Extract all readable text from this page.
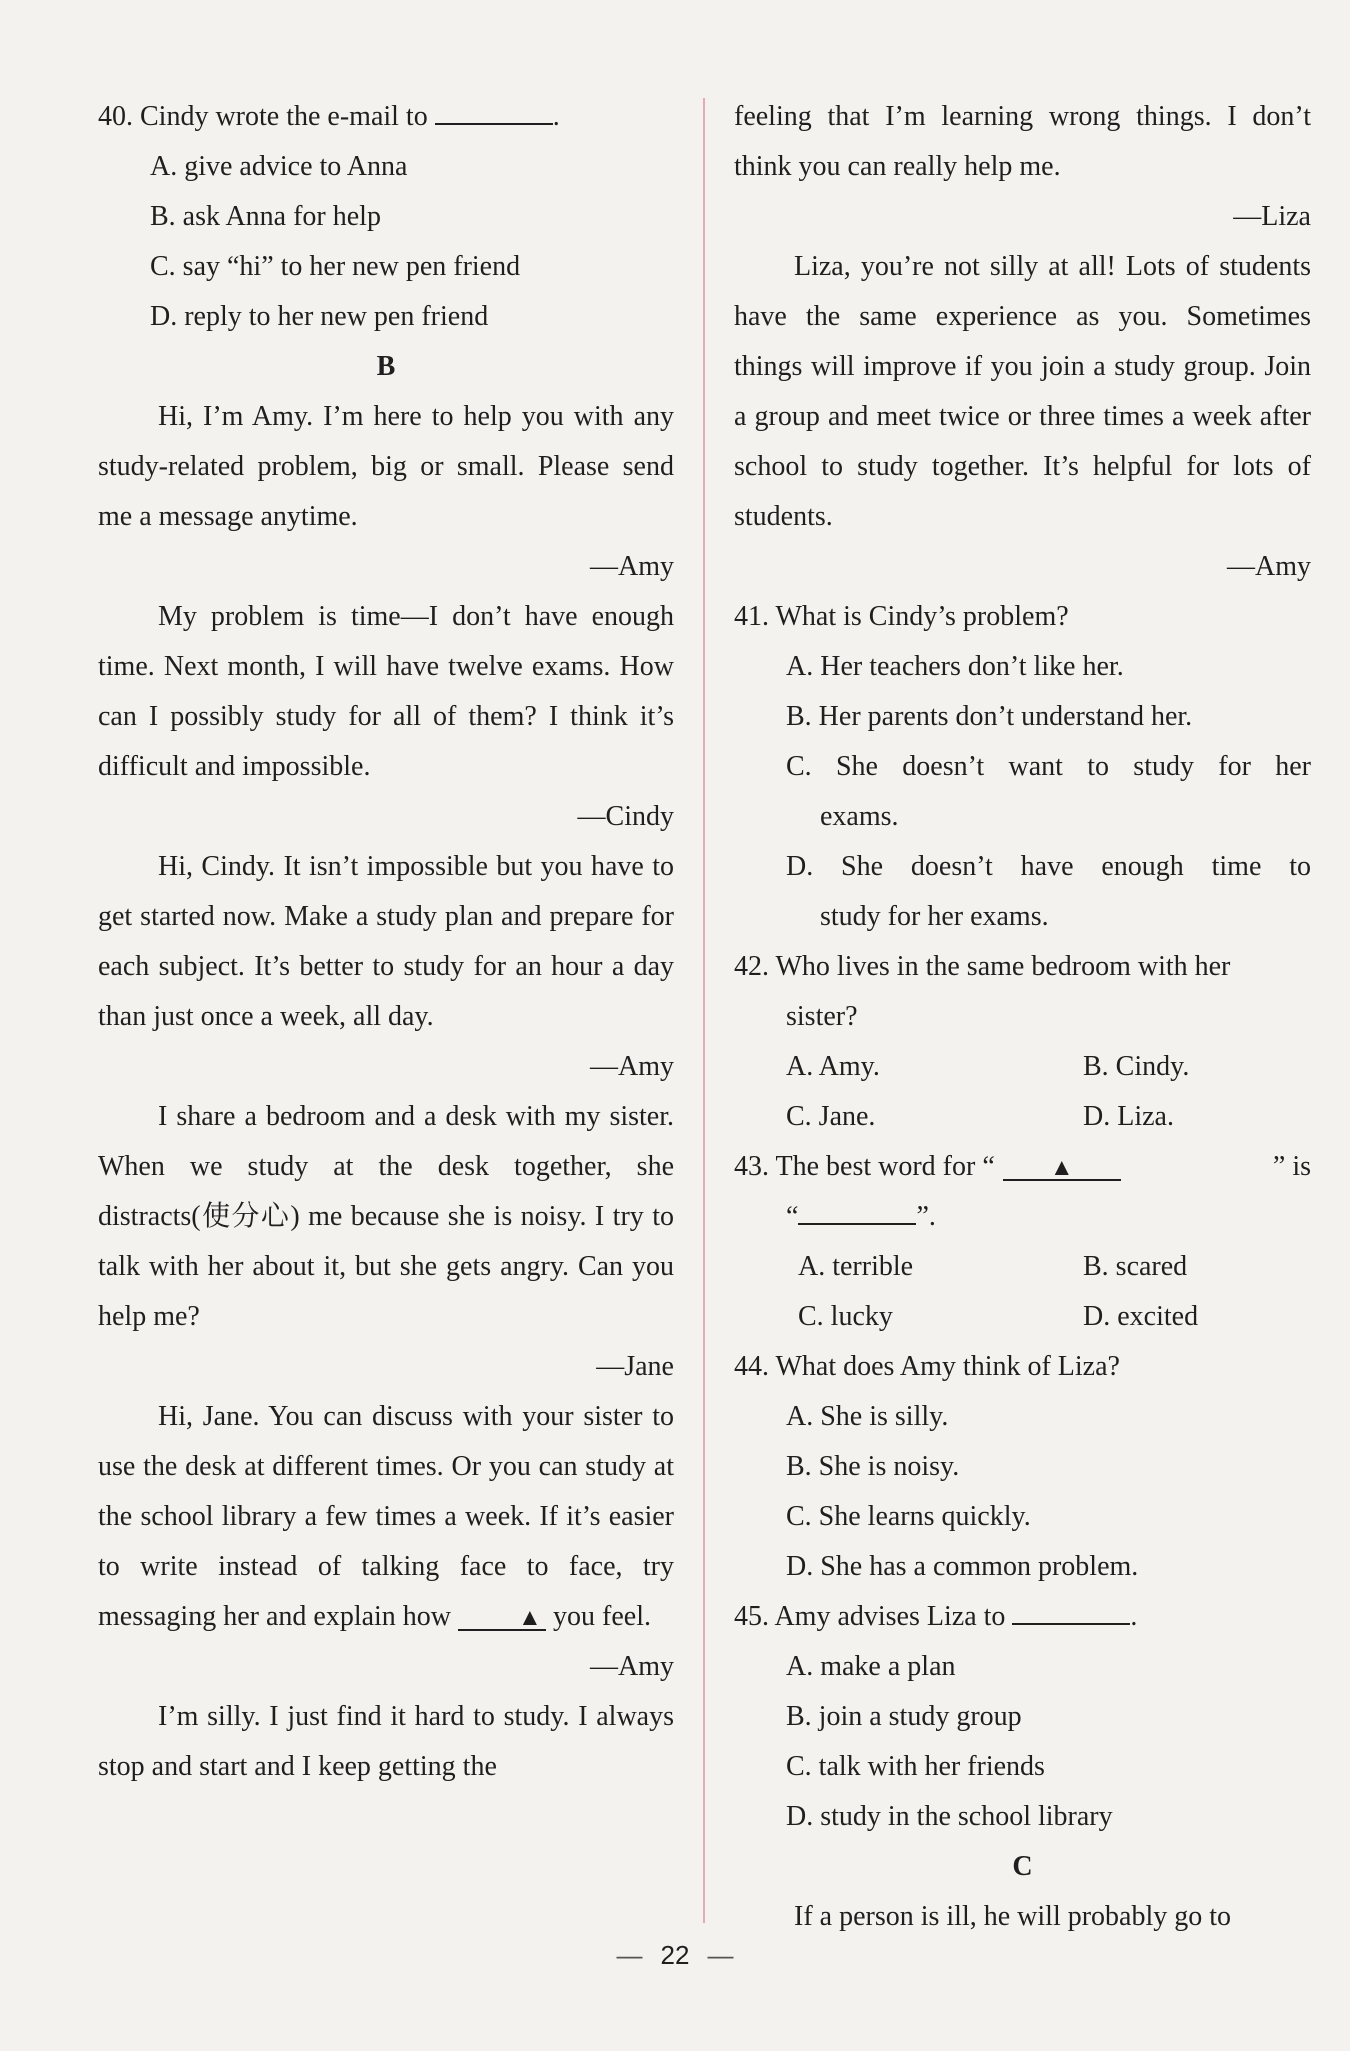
40. Cindy wrote the e-mail to	.

A. give advice to Anna

B. ask Anna for help

C. say “hi” to her new pen friend

D. reply to her new pen friend

B

Hi, I’m Amy. I’m here to help you with any study-related problem, big or small. Please send me a message anytime.

—Amy

My problem is time—I don’t have enough time. Next month, I will have twelve exams. How can I possibly study for all of them? I think it’s difficult and impossible.

—Cindy

Hi, Cindy. It isn’t impossible but you have to get started now. Make a study plan and prepare for each subject. It’s better to study for an hour a day than just once a week, all day.

—Amy

I share a bedroom and a desk with my sister. When we study at the desk together, she distracts(使分心) me because she is noisy. I try to talk with her about it, but she gets angry. Can you help me?

—Jane

Hi, Jane. You can discuss with your sister to use the desk at different times. Or you can study at the school library a few times a week. If it’s easier to write instead of talking face to face, try messaging her and explain how	▲ you feel.

—Amy

I’m silly. I just find it hard to study. I always stop and start and I keep getting the

feeling that I’m learning wrong things. I don’t think you can really help me.

—Liza

Liza, you’re not silly at all! Lots of students have the same experience as you. Sometimes things will improve if you join a study group. Join a group and meet twice or three times a week after school to study together. It’s helpful for lots of students.

—Amy

41. What is Cindy’s problem?

A. Her teachers don’t like her.

B. Her parents don’t understand her.

C. She doesn’t want to study for her

exams.

D. She doesn’t have enough time to

study for her exams.

42. Who lives in the same bedroom with her

sister?

A. Amy.	B. Cindy.
C. Jane.	D. Liza.

43. The best word for “ ▲	” is

“	”.

A. terrible	B. scared
C. lucky	D. excited

44. What does Amy think of Liza?

A. She is silly.

B. She is noisy.

C. She learns quickly.

D. She has a common problem.

45. Amy advises Liza to	.

A. make a plan

B. join a study group

C. talk with her friends

D. study in the school library

C

If a person is ill, he will probably go to

— 22 —
